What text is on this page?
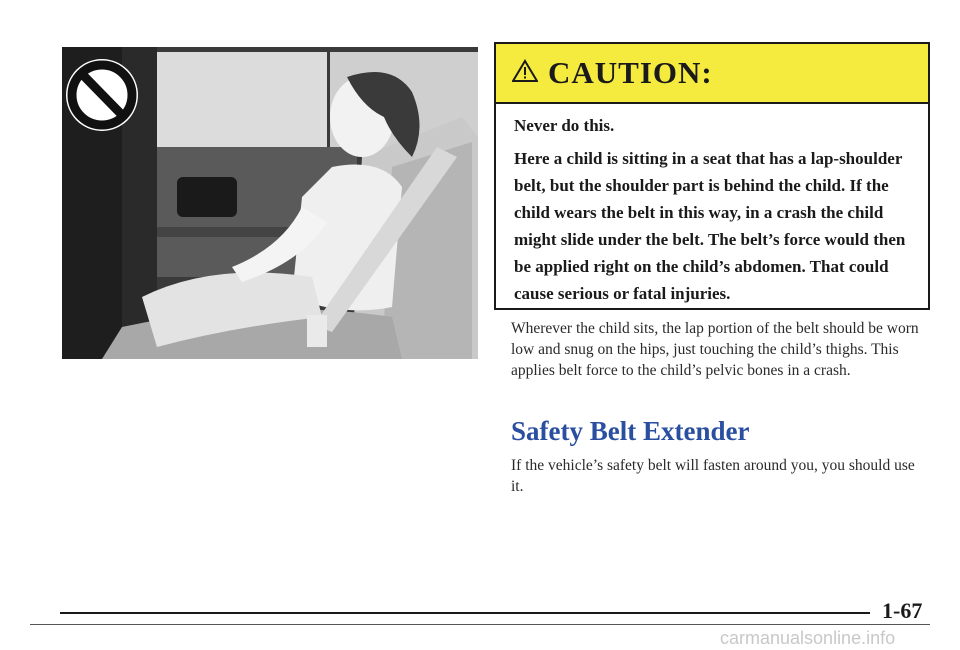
CAUTION:

Never do this.

Here a child is sitting in a seat that has a lap-shoulder belt, but the shoulder part is behind the child. If the child wears the belt in this way, in a crash the child might slide under the belt. The belt’s force would then be applied right on the child’s abdomen. That could cause serious or fatal injuries.

Wherever the child sits, the lap portion of the belt should be worn low and snug on the hips, just touching the child’s thighs. This applies belt force to the child’s pelvic bones in a crash.

Safety Belt Extender

If the vehicle’s safety belt will fasten around you, you should use it.

1-67
carmanualsonline.info
